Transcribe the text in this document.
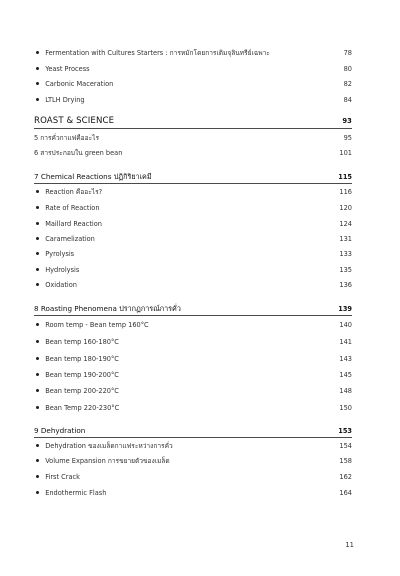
Fermentation with Cultures Starters : การหมักโดยการเติมจุลินทรีย์เฉพาะ	78
Yeast Process	80
Carbonic Maceration	82
LTLH Drying	84
ROAST & SCIENCE	93
5 การคั่วกาแฟคืออะไร	95
6 สารประกอบใน green bean	101
7 Chemical Reactions ปฏิกิริยาเคมี	115
Reaction คืออะไร?	116
Rate of Reaction	120
Maillard Reaction	124
Caramelization	131
Pyrolysis	133
Hydrolysis	135
Oxidation	136
8 Roasting Phenomena ปรากฏการณ์การคั่ว	139
Room temp - Bean temp 160°C	140
Bean temp 160-180°C	141
Bean temp 180-190°C	143
Bean temp 190-200°C	145
Bean temp 200-220°C	148
Bean Temp 220-230°C	150
9 Dehydration	153
Dehydration ของเมล็ดกาแฟระหว่างการคั่ว	154
Volume Expansion การขยายตัวของเมล็ด	158
First Crack	162
Endothermic Flash	164
11
